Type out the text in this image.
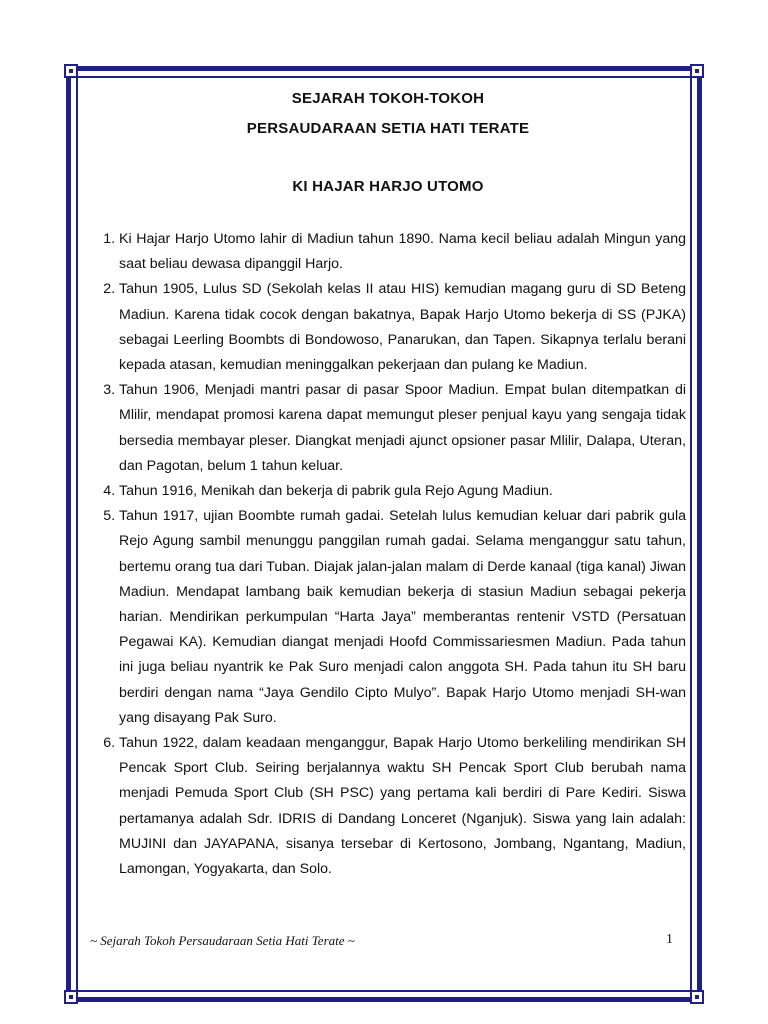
SEJARAH TOKOH-TOKOH
PERSAUDARAAN SETIA HATI TERATE
KI HAJAR HARJO UTOMO
1. Ki Hajar Harjo Utomo lahir di Madiun tahun 1890. Nama kecil beliau adalah Mingun yang saat beliau dewasa dipanggil Harjo.
2. Tahun 1905, Lulus SD (Sekolah kelas II atau HIS) kemudian magang guru di SD Beteng Madiun. Karena tidak cocok dengan bakatnya, Bapak Harjo Utomo bekerja di SS (PJKA) sebagai Leerling Boombts di Bondowoso, Panarukan, dan Tapen. Sikapnya terlalu berani kepada atasan, kemudian meninggalkan pekerjaan dan pulang ke Madiun.
3. Tahun 1906, Menjadi mantri pasar di pasar Spoor Madiun. Empat bulan ditempatkan di Mlilir, mendapat promosi karena dapat memungut pleser penjual kayu yang sengaja tidak bersedia membayar pleser. Diangkat menjadi ajunct opsioner pasar Mlilir, Dalapa, Uteran, dan Pagotan, belum 1 tahun keluar.
4. Tahun 1916, Menikah dan bekerja di pabrik gula Rejo Agung Madiun.
5. Tahun 1917, ujian Boombte rumah gadai. Setelah lulus kemudian keluar dari pabrik gula Rejo Agung sambil menunggu panggilan rumah gadai. Selama menganggur satu tahun, bertemu orang tua dari Tuban. Diajak jalan-jalan malam di Derde kanaal (tiga kanal) Jiwan Madiun. Mendapat lambang baik kemudian bekerja di stasiun Madiun sebagai pekerja harian. Mendirikan perkumpulan “Harta Jaya” memberantas rentenir VSTD (Persatuan Pegawai KA). Kemudian diangat menjadi Hoofd Commissariesmen Madiun. Pada tahun ini juga beliau nyantrik ke Pak Suro menjadi calon anggota SH. Pada tahun itu SH baru berdiri dengan nama “Jaya Gendilo Cipto Mulyo”. Bapak Harjo Utomo menjadi SH-wan yang disayang Pak Suro.
6. Tahun 1922, dalam keadaan menganggur, Bapak Harjo Utomo berkeliling mendirikan SH Pencak Sport Club. Seiring berjalannya waktu SH Pencak Sport Club berubah nama menjadi Pemuda Sport Club (SH PSC) yang pertama kali berdiri di Pare Kediri. Siswa pertamanya adalah Sdr. IDRIS di Dandang Lonceret (Nganjuk). Siswa yang lain adalah: MUJINI dan JAYAPANA, sisanya tersebar di Kertosono, Jombang, Ngantang, Madiun, Lamongan, Yogyakarta, dan Solo.
~ Sejarah Tokoh Persaudaraan Setia Hati Terate ~	1
